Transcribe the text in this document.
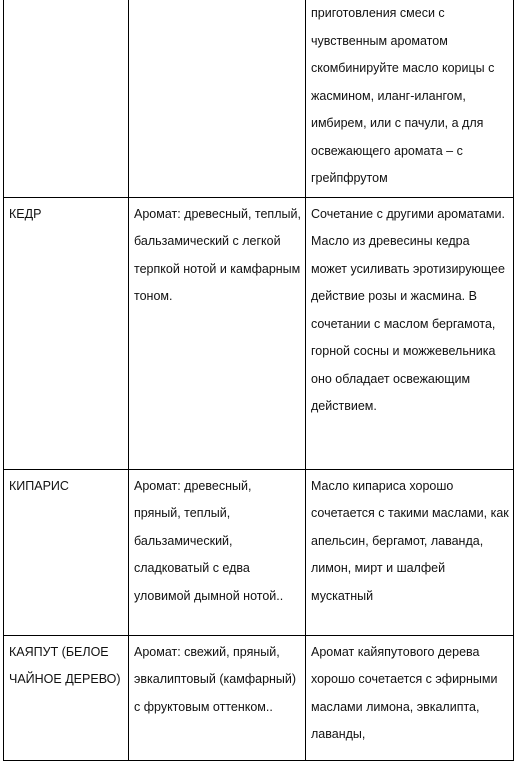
		приготовления смеси с чувственным ароматом скомбинируйте масло корицы с жасмином, иланг-илангом, имбирем, или с пачули, а для освежающего аромата – с грейпфрутом

КЕДР	Аромат: древесный, теплый, бальзамический с легкой терпкой нотой и камфарным тоном.	Сочетание с другими ароматами.
Масло из древесины кедра может усиливать эротизирующее действие розы и жасмина. В сочетании с маслом бергамота, горной сосны и можжевельника оно обладает освежающим действием.

КИПАРИС	Аромат: древесный, пряный, теплый, бальзамический, сладковатый с едва уловимой дымной нотой..	Масло кипариса хорошо сочетается с такими маслами, как апельсин, бергамот, лаванда, лимон, мирт и шалфей мускатный

КАЯПУТ (БЕЛОЕ ЧАЙНОЕ ДЕРЕВО)	Аромат: свежий, пряный, эвкалиптовый (камфарный) с фруктовым оттенком..	Аромат кайяпутового дерева хорошо сочетается с эфирными маслами лимона, эвкалипта, лаванды,
